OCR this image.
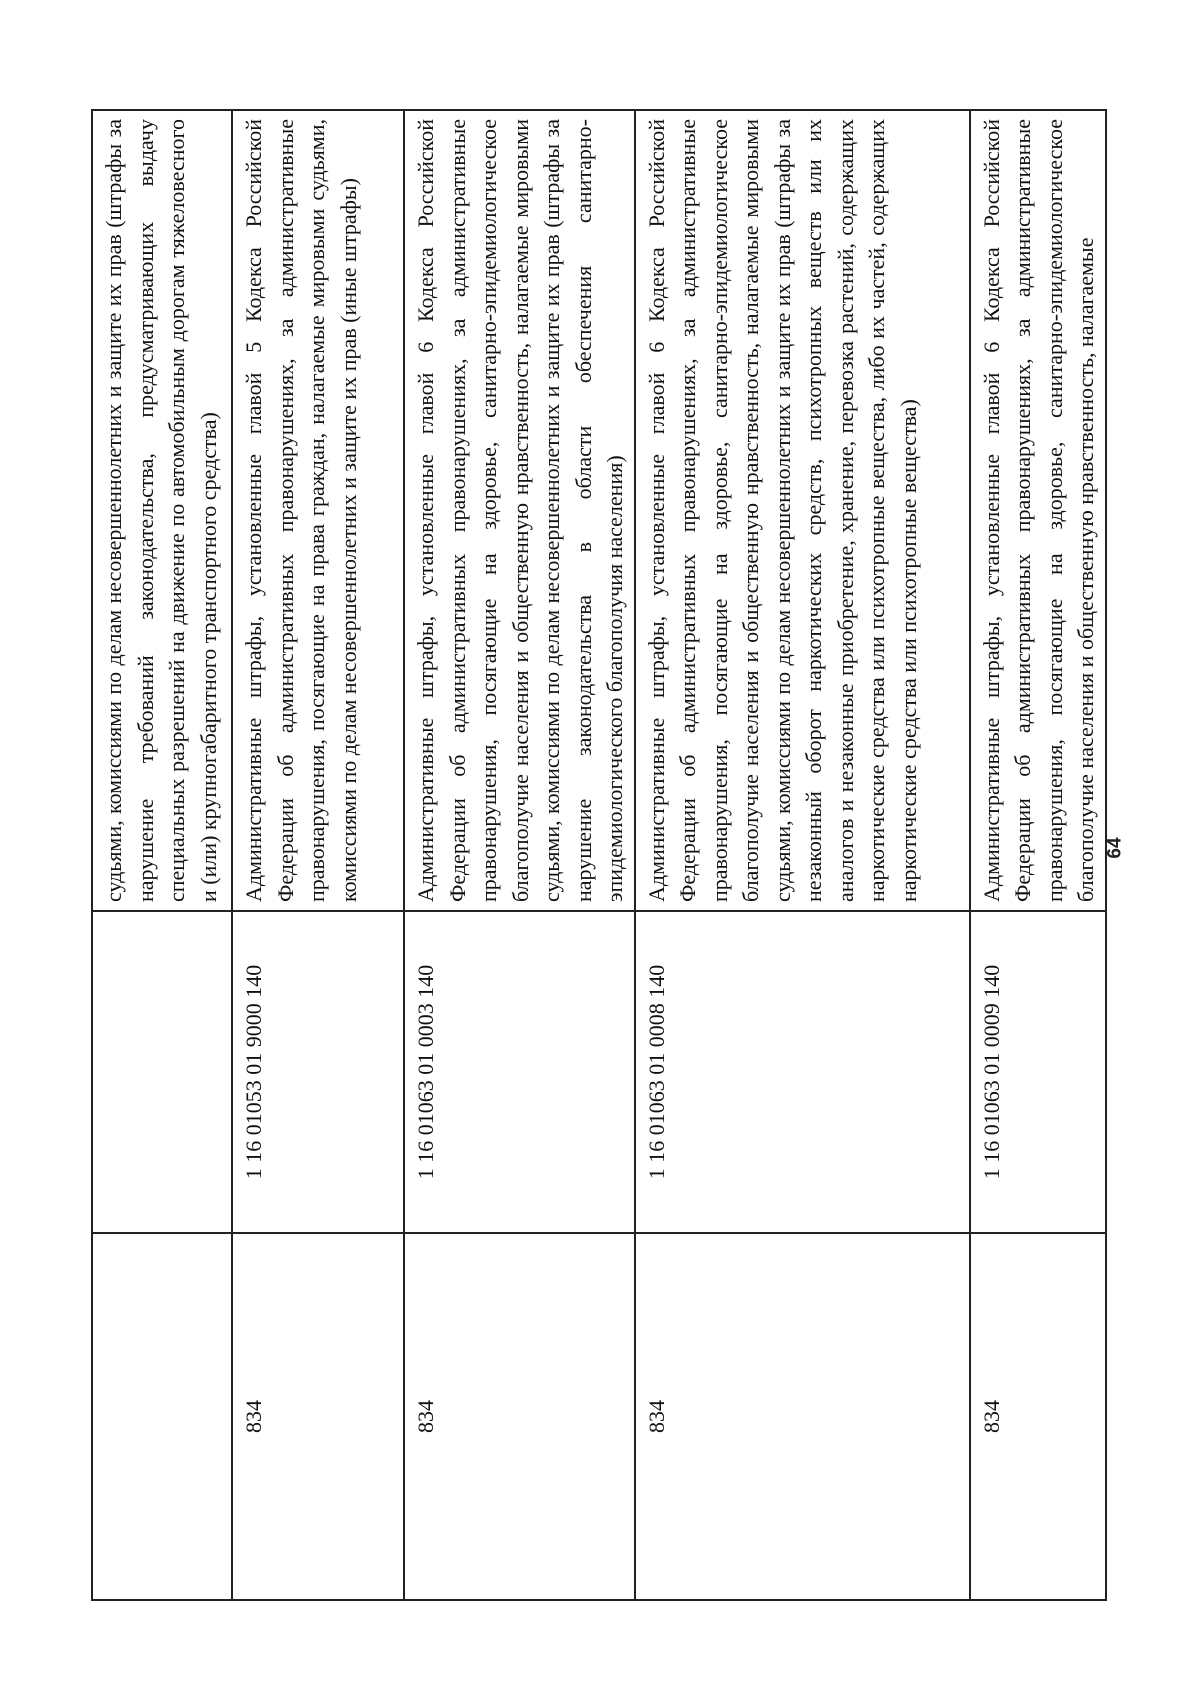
		судьями, комиссиями по делам несовершеннолетних и защите их прав (штрафы за нарушение требований законодательства, предусматривающих выдачу специальных разрешений на движение по автомобильным дорогам тяжеловесного и (или) крупногабаритного транспортного средства)
834	1 16 01053 01 9000 140	Административные штрафы, установленные главой 5 Кодекса Российской Федерации об административных правонарушениях, за административные правонарушения, посягающие на права граждан, налагаемые мировыми судьями, комиссиями по делам несовершеннолетних и защите их прав (иные штрафы)
834	1 16 01063 01 0003 140	Административные штрафы, установленные главой 6 Кодекса Российской Федерации об административных правонарушениях, за административные правонарушения, посягающие на здоровье, санитарно-эпидемиологическое благополучие населения и общественную нравственность, налагаемые мировыми судьями, комиссиями по делам несовершеннолетних и защите их прав (штрафы за нарушение законодательства в области обеспечения санитарно-эпидемиологического благополучия населения)
834	1 16 01063 01 0008 140	Административные штрафы, установленные главой 6 Кодекса Российской Федерации об административных правонарушениях, за административные правонарушения, посягающие на здоровье, санитарно-эпидемиологическое благополучие населения и общественную нравственность, налагаемые мировыми судьями, комиссиями по делам несовершеннолетних и защите их прав (штрафы за незаконный оборот наркотических средств, психотропных веществ или их аналогов и незаконные приобретение, хранение, перевозка растений, содержащих наркотические средства или психотропные вещества, либо их частей, содержащих наркотические средства или психотропные вещества)
834	1 16 01063 01 0009 140	Административные штрафы, установленные главой 6 Кодекса Российской Федерации об административных правонарушениях, за административные правонарушения, посягающие на здоровье, санитарно-эпидемиологическое благополучие населения и общественную нравственность, налагаемые 64
